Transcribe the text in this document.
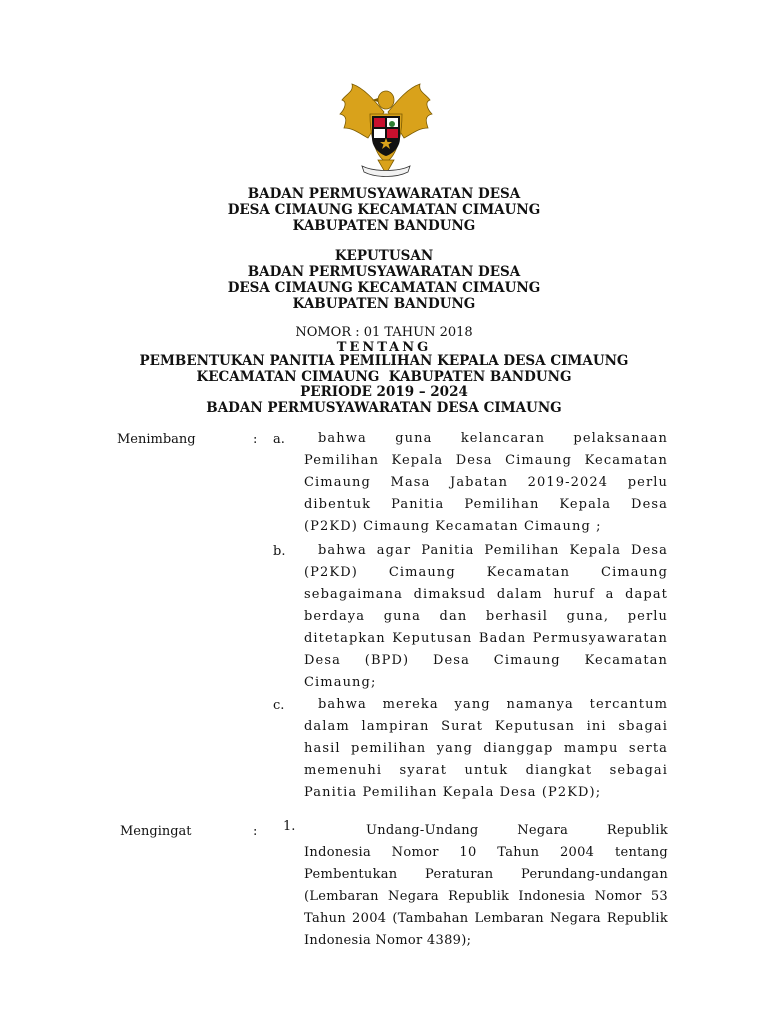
BADAN PERMUSYAWARATAN DESA
DESA CIMAUNG KECAMATAN CIMAUNG
KABUPATEN BANDUNG
KEPUTUSAN
BADAN PERMUSYAWARATAN DESA
DESA CIMAUNG KECAMATAN CIMAUNG
KABUPATEN BANDUNG
NOMOR : 01 TAHUN 2018
TENTANG
PEMBENTUKAN PANITIA PEMILIHAN KEPALA DESA CIMAUNG
KECAMATAN CIMAUNG  KABUPATEN BANDUNG
PERIODE 2019 – 2024
BADAN PERMUSYAWARATAN DESA CIMAUNG
Menimbang	: a.	bahwa guna kelancaran pelaksanaan Pemilihan Kepala Desa Cimaung Kecamatan Cimaung Masa Jabatan 2019-2024 perlu dibentuk Panitia Pemilihan Kepala Desa (P2KD) Cimaung Kecamatan Cimaung ;
b.	bahwa agar Panitia Pemilihan Kepala Desa (P2KD) Cimaung Kecamatan Cimaung sebagaimana dimaksud dalam huruf a dapat berdaya guna dan berhasil guna, perlu ditetapkan Keputusan Badan Permusyawaratan Desa (BPD) Desa Cimaung Kecamatan Cimaung;
c.	bahwa mereka yang namanya tercantum dalam lampiran Surat Keputusan ini sbagai hasil pemilihan yang dianggap mampu serta memenuhi syarat untuk diangkat sebagai Panitia Pemilihan Kepala Desa (P2KD);
Mengingat	: 1.	Undang-Undang Negara Republik Indonesia Nomor 10 Tahun 2004 tentang Pembentukan Peraturan Perundang-undangan (Lembaran Negara Republik Indonesia Nomor 53 Tahun 2004 (Tambahan Lembaran Negara Republik Indonesia Nomor 4389);
